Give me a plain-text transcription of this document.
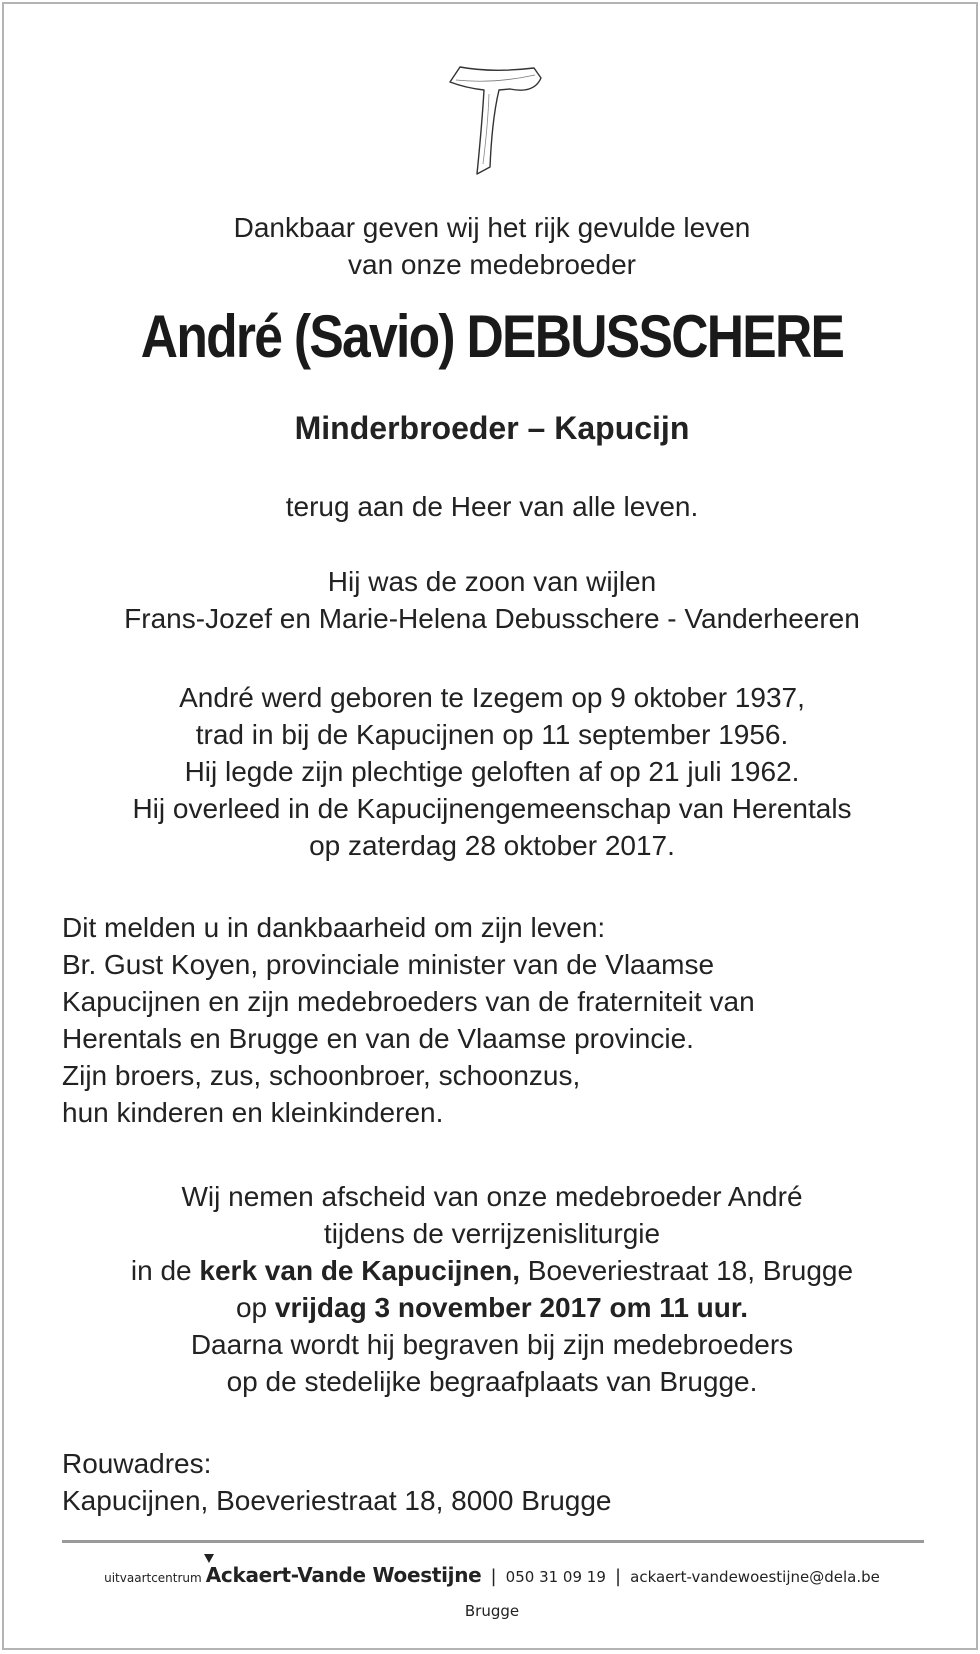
Dankbaar geven wij het rijk gevulde leven
van onze medebroeder
André (Savio) DEBUSSCHERE
Minderbroeder – Kapucijn
terug aan de Heer van alle leven.
Hij was de zoon van wijlen
Frans-Jozef en Marie-Helena Debusschere - Vanderheeren
André werd geboren te Izegem op 9 oktober 1937,
trad in bij de Kapucijnen op 11 september 1956.
Hij legde zijn plechtige geloften af op 21 juli 1962.
Hij overleed in de Kapucijnengemeenschap van Herentals
op zaterdag 28 oktober 2017.
Dit melden u in dankbaarheid om zijn leven:
Br. Gust Koyen, provinciale minister van de Vlaamse
Kapucijnen en zijn medebroeders van de fraterniteit van
Herentals en Brugge en van de Vlaamse provincie.
Zijn broers, zus, schoonbroer, schoonzus,
hun kinderen en kleinkinderen.
Wij nemen afscheid van onze medebroeder André
tijdens de verrijzenisliturgie
in de kerk van de Kapucijnen, Boeveriestraat 18, Brugge
op vrijdag 3 november 2017 om 11 uur.
Daarna wordt hij begraven bij zijn medebroeders
op de stedelijke begraafplaats van Brugge.
Rouwadres:
Kapucijnen, Boeveriestraat 18, 8000 Brugge
uitvaartcentrum Ackaert-Vande Woestijne | 050 31 09 19 | ackaert-vandewoestijne@dela.be
Brugge
